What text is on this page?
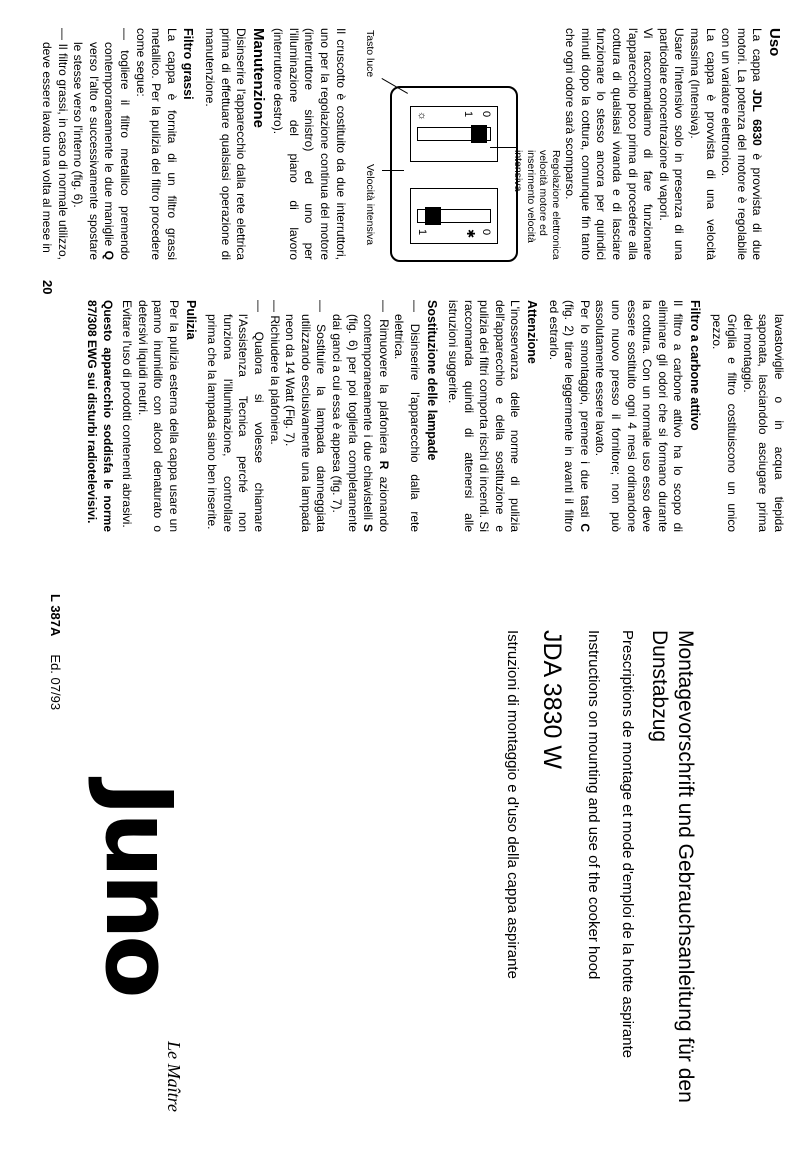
Uso

La cappa JDL 6830 è provvista di due motori. La potenza del motore è regolabile con un variatore elettronico.

La cappa è provvista di una velocità massima (Intensiva).

Usare l'intensivo solo in presenza di una particolare concentrazione di vapori.

Vi raccomandiamo di fare funzionare l'apparecchio poco prima di procedere alla cottura di qualsiasi vivanda e di lasciare funzionare lo stesso ancora per quindici minuti dopo la cottura, comunque fin tanto che ogni odore sarà scomparso.

Regolazione elettronica velocità motore ed inserimento velocità intensiva
Velocità intensiva
Tasto luce
0
1
☼
0
✱
1

Il cruscotto è costituito da due interruttori, uno per la regolazione continua del motore (interruttore sinistro) ed uno per l'illuminazione del piano di lavoro (interruttore destro).

Manutenzione

Disinserire l'apparecchio dalla rete elettrica prima di effettuare qualsiasi operazione di manutenzione.

Filtro grassi

La cappa è fornita di un filtro grassi metallico. Per la pulizia del filtro procedere come segue:

— togliere il filtro metallico premendo contemporaneamente le due maniglie Q verso l'alto e successivamente spostare le stesse verso l'interno (fig. 6).

— Il filtro grassi, in caso di normale utilizzo, deve essere lavato una volta al mese in

lavastoviglie o in acqua tiepida saponata, lasciandolo asciugare prima del montaggio.

Griglia e filtro costituiscono un unico pezzo.

Filtro a carbone attivo

Il filtro a carbone attivo ha lo scopo di eliminare gli odori che si formano durante la cottura. Con un normale uso esso deve essere sostituito ogni 4 mesi ordinandone uno nuovo presso il fornitore; non può assolutamente essere lavato.

Per lo smontaggio, premere i due tasti C (fig. 2) tirare leggermente in avanti il filtro ed estrarlo.

Attenzione

L'inosservanza delle norme di pulizia dell'apparecchio e della sostituzione e pulizia dei filtri comporta rischi di incendi. Si raccomanda quindi di attenersi alle istruzioni suggerite.

Sostituzione delle lampade

— Disinserire l'apparecchio dalla rete elettrica.

— Rimuovere la plafoniera R azionando contemporaneamente i due chiavistelli S (fig. 6) per poi toglierla completamente dai ganci a cui essa è appesa (fig. 7).

— Sostituire la lampada danneggiata utilizzando esclusivamente una lampada neon da 14 Watt (Fig. 7).

— Richiudere la plafoniera.

— Qualora si volesse chiamare l'Assistenza Tecnica perché non funziona l'illuminazione, controllare prima che la lampada siano ben inserite.

Pulizia

Per la pulizia esterna della cappa usare un panno inumidito con alcool denaturato o detersivi liquidi neutri.

Evitare l'uso di prodotti contenenti abrasivi.

Questo apparecchio soddisfa le norme 87/308 EWG sui disturbi radiotelevisivi.

20

Montagevorschrift und Gebrauchsanleitung für den Dunstabzug

Prescriptions de montage et mode d'emploi de la hotte aspirante

Instructions on mounting and use of the cooker hood

JDA 3830 W

Istruzioni di montaggio e d'uso della cappa aspirante

Juno
Le Maître
L 387AEd. 07/93
